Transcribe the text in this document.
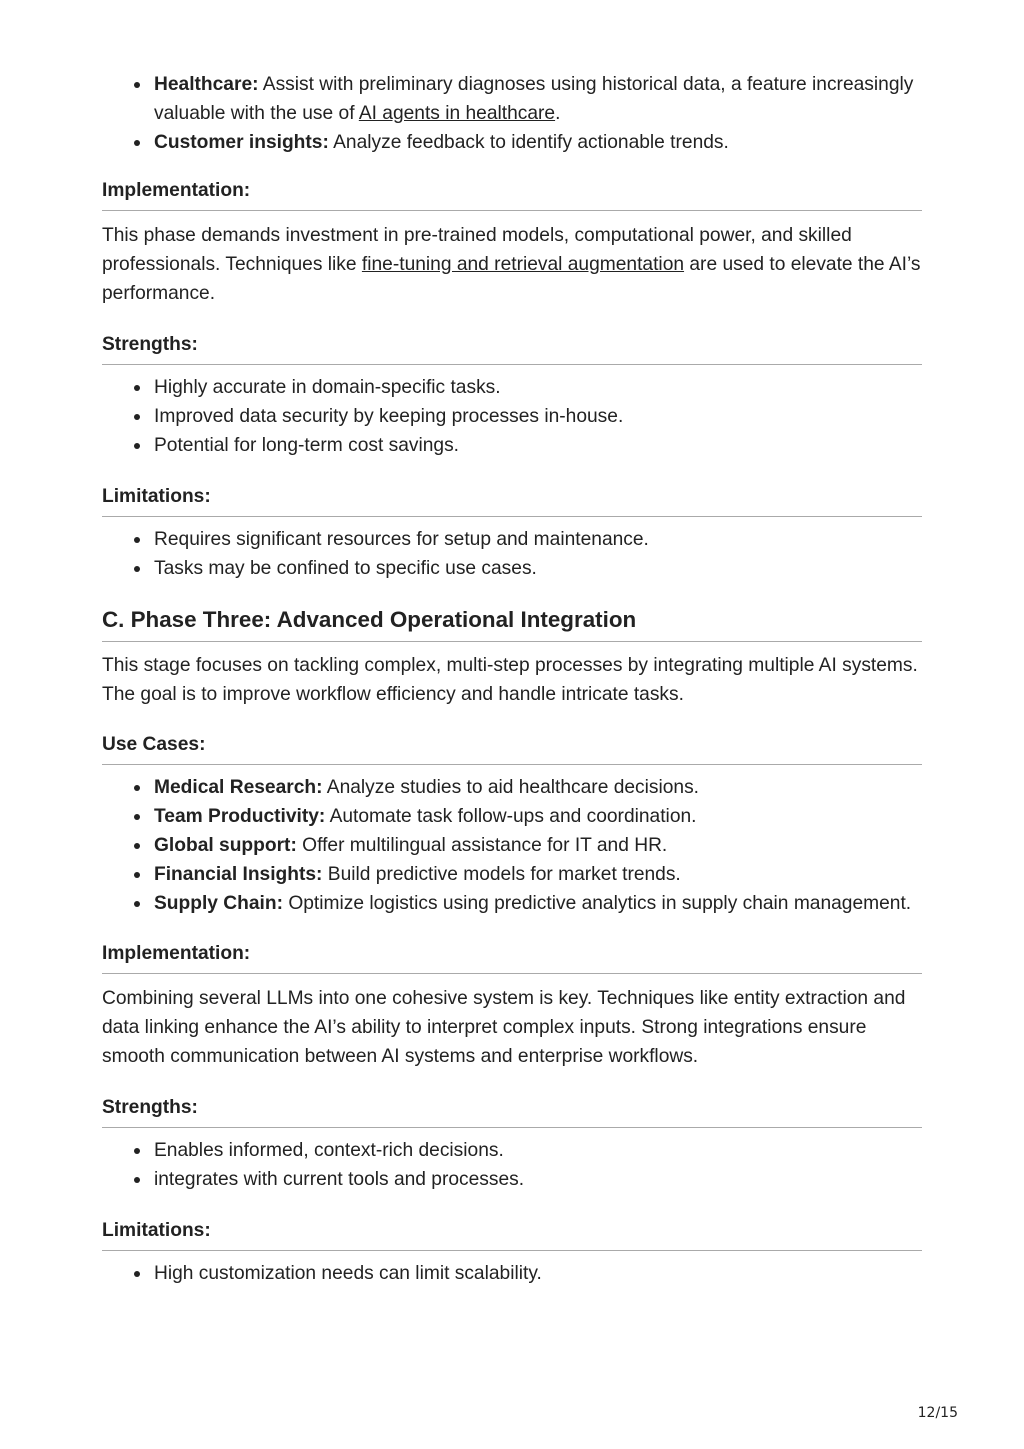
Healthcare: Assist with preliminary diagnoses using historical data, a feature increasingly valuable with the use of AI agents in healthcare.
Customer insights: Analyze feedback to identify actionable trends.
Implementation:

This phase demands investment in pre-trained models, computational power, and skilled professionals. Techniques like fine-tuning and retrieval augmentation are used to elevate the AI’s performance.

Strengths:
Highly accurate in domain-specific tasks.
Improved data security by keeping processes in-house.
Potential for long-term cost savings.
Limitations:
Requires significant resources for setup and maintenance.
Tasks may be confined to specific use cases.
C. Phase Three: Advanced Operational Integration

This stage focuses on tackling complex, multi-step processes by integrating multiple AI systems. The goal is to improve workflow efficiency and handle intricate tasks.

Use Cases:
Medical Research: Analyze studies to aid healthcare decisions.
Team Productivity: Automate task follow-ups and coordination.
Global support: Offer multilingual assistance for IT and HR.
Financial Insights: Build predictive models for market trends.
Supply Chain: Optimize logistics using predictive analytics in supply chain management.
Implementation:

Combining several LLMs into one cohesive system is key. Techniques like entity extraction and data linking enhance the AI’s ability to interpret complex inputs. Strong integrations ensure smooth communication between AI systems and enterprise workflows.

Strengths:
Enables informed, context-rich decisions.
integrates with current tools and processes.
Limitations:
High customization needs can limit scalability.
12/15
